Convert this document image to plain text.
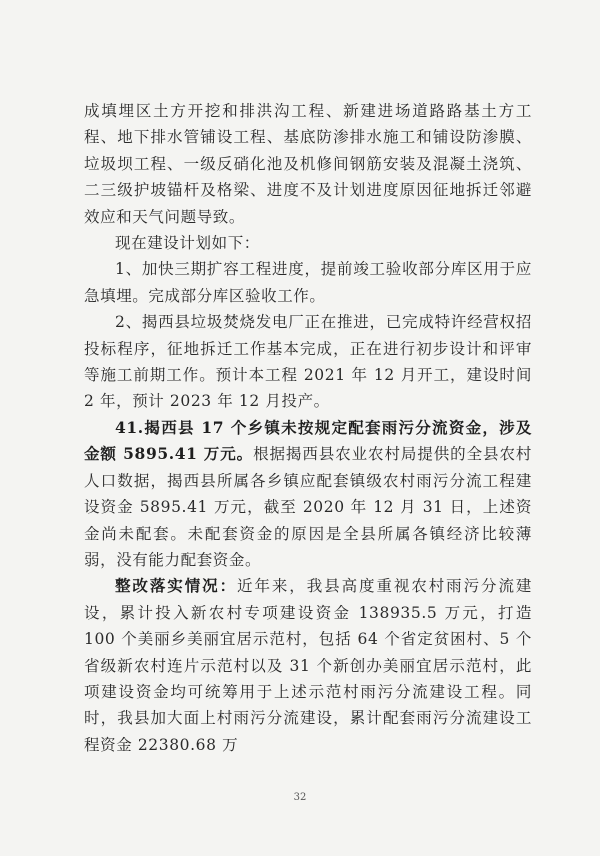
成填埋区土方开挖和排洪沟工程、新建进场道路路基土方工程、地下排水管铺设工程、基底防渗排水施工和铺设防渗膜、垃圾坝工程、一级反硝化池及机修间钢筋安装及混凝土浇筑、二三级护坡锚杆及格梁、进度不及计划进度原因征地拆迁邻避效应和天气问题导致。

现在建设计划如下：

1、加快三期扩容工程进度，提前竣工验收部分库区用于应急填埋。完成部分库区验收工作。

2、揭西县垃圾焚烧发电厂正在推进，已完成特许经营权招投标程序，征地拆迁工作基本完成，正在进行初步设计和评审等施工前期工作。预计本工程 2021 年 12 月开工，建设时间 2 年，预计 2023 年 12 月投产。

41.揭西县 17 个乡镇未按规定配套雨污分流资金，涉及金额 5895.41 万元。根据揭西县农业农村局提供的全县农村人口数据，揭西县所属各乡镇应配套镇级农村雨污分流工程建设资金 5895.41 万元，截至 2020 年 12 月 31 日，上述资金尚未配套。未配套资金的原因是全县所属各镇经济比较薄弱，没有能力配套资金。

整改落实情况：近年来，我县高度重视农村雨污分流建设，累计投入新农村专项建设资金 138935.5 万元，打造 100 个美丽乡美丽宜居示范村，包括 64 个省定贫困村、5 个省级新农村连片示范村以及 31 个新创办美丽宜居示范村，此项建设资金均可统筹用于上述示范村雨污分流建设工程。同时，我县加大面上村雨污分流建设，累计配套雨污分流建设工程资金 22380.68 万

32
